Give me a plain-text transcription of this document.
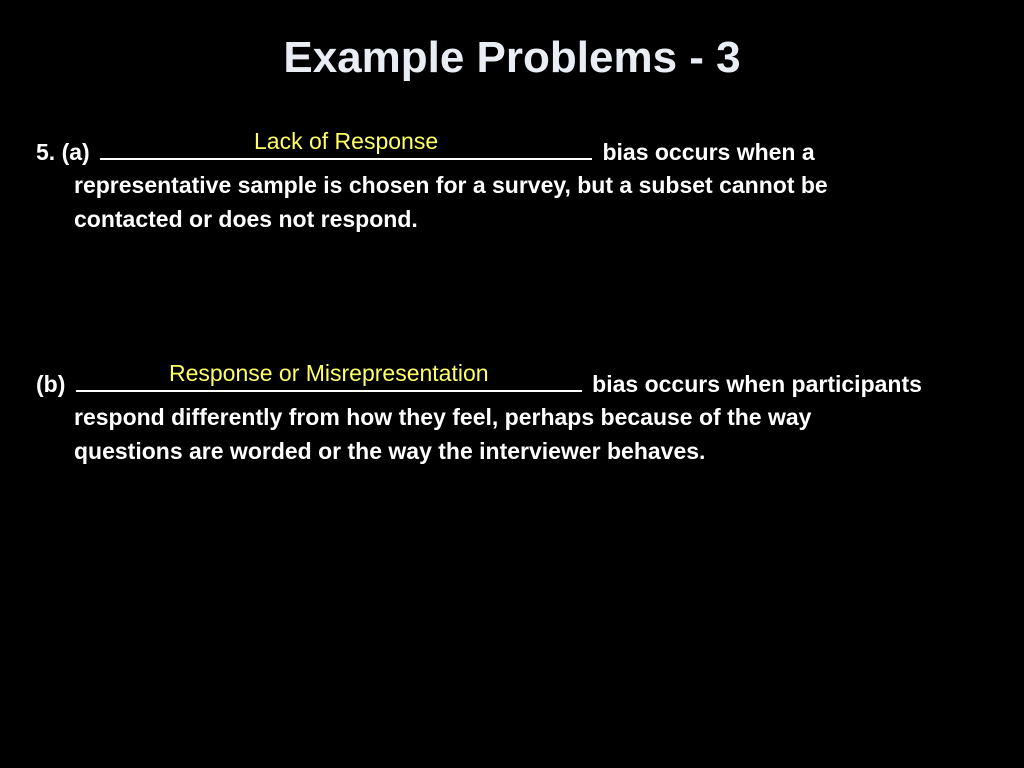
Example Problems - 3
5. (a)	Lack of Response	bias occurs when a
representative sample is chosen for a survey, but a subset cannot be
contacted or does not respond.
(b)	Response or Misrepresentation	bias occurs when participants
respond differently from how they feel, perhaps because of the way
questions are worded or the way the interviewer behaves.
